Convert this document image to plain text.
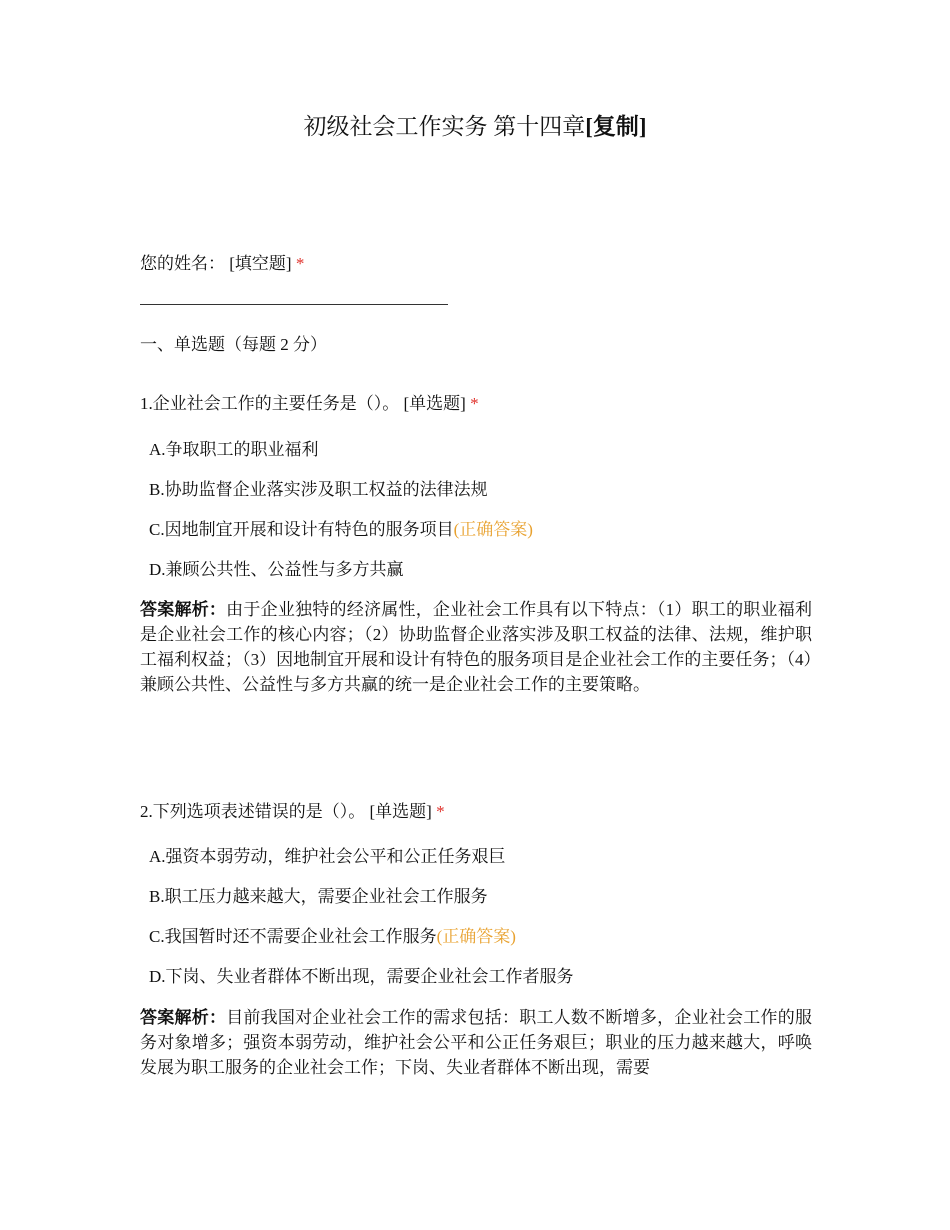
初级社会工作实务 第十四章[复制]
您的姓名： [填空题] *
一、单选题（每题 2 分）
1.企业社会工作的主要任务是（）。 [单选题] *
A.争取职工的职业福利
B.协助监督企业落实涉及职工权益的法律法规
C.因地制宜开展和设计有特色的服务项目(正确答案)
D.兼顾公共性、公益性与多方共赢
答案解析：由于企业独特的经济属性，企业社会工作具有以下特点：（1）职工的职业福利是企业社会工作的核心内容；（2）协助监督企业落实涉及职工权益的法律、法规，维护职工福利权益；（3）因地制宜开展和设计有特色的服务项目是企业社会工作的主要任务；（4）兼顾公共性、公益性与多方共赢的统一是企业社会工作的主要策略。
2.下列选项表述错误的是（）。 [单选题] *
A.强资本弱劳动，维护社会公平和公正任务艰巨
B.职工压力越来越大，需要企业社会工作服务
C.我国暂时还不需要企业社会工作服务(正确答案)
D.下岗、失业者群体不断出现，需要企业社会工作者服务
答案解析：目前我国对企业社会工作的需求包括：职工人数不断增多，企业社会工作的服务对象增多；强资本弱劳动，维护社会公平和公正任务艰巨；职业的压力越来越大，呼唤发展为职工服务的企业社会工作；下岗、失业者群体不断出现，需要
